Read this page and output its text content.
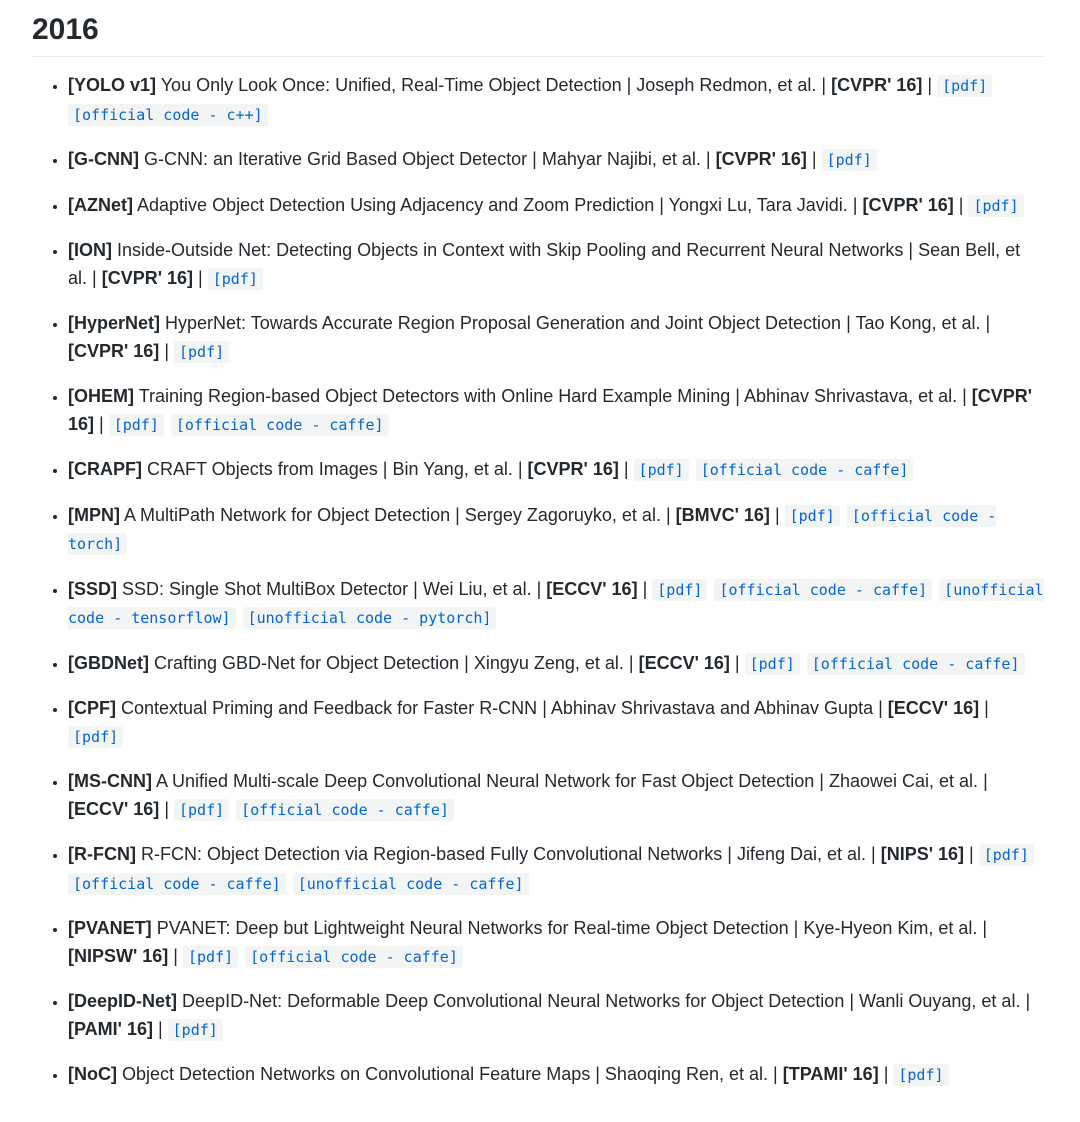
2016
• [YOLO v1] You Only Look Once: Unified, Real-Time Object Detection | Joseph Redmon, et al. | [CVPR' 16] | [pdf] [official code - c++]
• [G-CNN] G-CNN: an Iterative Grid Based Object Detector | Mahyar Najibi, et al. | [CVPR' 16] | [pdf]
• [AZNet] Adaptive Object Detection Using Adjacency and Zoom Prediction | Yongxi Lu, Tara Javidi. | [CVPR' 16] | [pdf]
• [ION] Inside-Outside Net: Detecting Objects in Context with Skip Pooling and Recurrent Neural Networks | Sean Bell, et al. | [CVPR' 16] | [pdf]
• [HyperNet] HyperNet: Towards Accurate Region Proposal Generation and Joint Object Detection | Tao Kong, et al. | [CVPR' 16] | [pdf]
• [OHEM] Training Region-based Object Detectors with Online Hard Example Mining | Abhinav Shrivastava, et al. | [CVPR' 16] | [pdf] [official code - caffe]
• [CRAPF] CRAFT Objects from Images | Bin Yang, et al. | [CVPR' 16] | [pdf] [official code - caffe]
• [MPN] A MultiPath Network for Object Detection | Sergey Zagoruyko, et al. | [BMVC' 16] | [pdf] [official code - torch]
• [SSD] SSD: Single Shot MultiBox Detector | Wei Liu, et al. | [ECCV' 16] | [pdf] [official code - caffe] [unofficial code - tensorflow] [unofficial code - pytorch]
• [GBDNet] Crafting GBD-Net for Object Detection | Xingyu Zeng, et al. | [ECCV' 16] | [pdf] [official code - caffe]
• [CPF] Contextual Priming and Feedback for Faster R-CNN | Abhinav Shrivastava and Abhinav Gupta | [ECCV' 16] | [pdf]
• [MS-CNN] A Unified Multi-scale Deep Convolutional Neural Network for Fast Object Detection | Zhaowei Cai, et al. | [ECCV' 16] | [pdf] [official code - caffe]
• [R-FCN] R-FCN: Object Detection via Region-based Fully Convolutional Networks | Jifeng Dai, et al. | [NIPS' 16] | [pdf] [official code - caffe] [unofficial code - caffe]
• [PVANET] PVANET: Deep but Lightweight Neural Networks for Real-time Object Detection | Kye-Hyeon Kim, et al. | [NIPSW' 16] | [pdf] [official code - caffe]
• [DeepID-Net] DeepID-Net: Deformable Deep Convolutional Neural Networks for Object Detection | Wanli Ouyang, et al. | [PAMI' 16] | [pdf]
• [NoC] Object Detection Networks on Convolutional Feature Maps | Shaoqing Ren, et al. | [TPAMI' 16] | [pdf]
